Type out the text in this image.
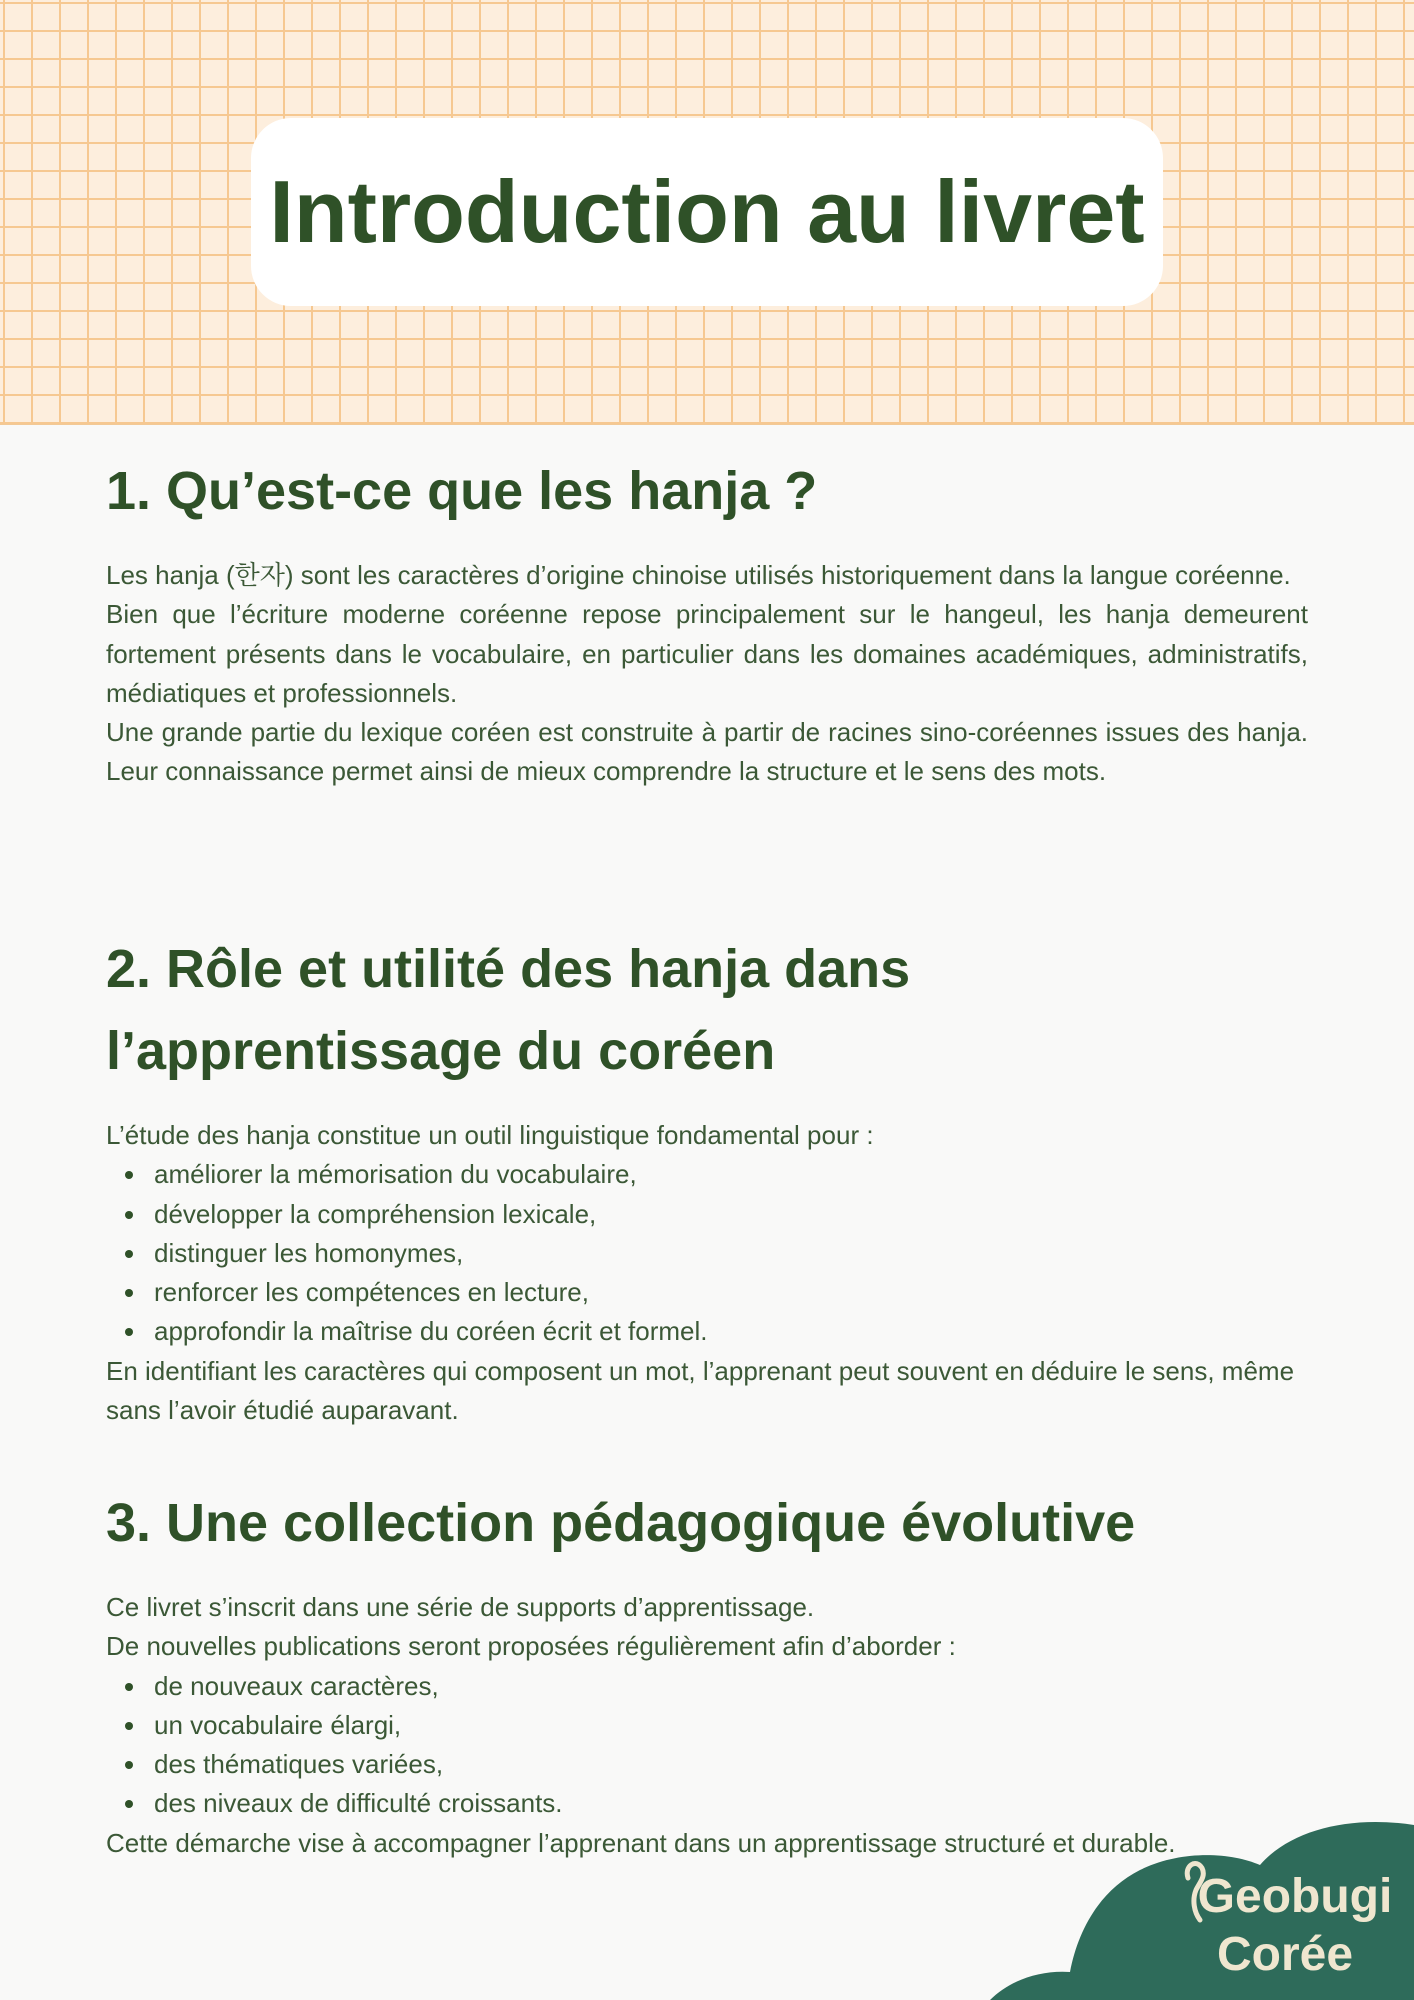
Introduction au livret
1. Qu’est-ce que les hanja ?

Les hanja (한자) sont les caractères d’origine chinoise utilisés historiquement dans la langue coréenne.

Bien que l’écriture moderne coréenne repose principalement sur le hangeul, les hanja demeurent fortement présents dans le vocabulaire, en particulier dans les domaines académiques, administratifs, médiatiques et professionnels.

Une grande partie du lexique coréen est construite à partir de racines sino-coréennes issues des hanja. Leur connaissance permet ainsi de mieux comprendre la structure et le sens des mots.

2. Rôle et utilité des hanja dans l’apprentissage du coréen

L’étude des hanja constitue un outil linguistique fondamental pour :

améliorer la mémorisation du vocabulaire,
développer la compréhension lexicale,
distinguer les homonymes,
renforcer les compétences en lecture,
approfondir la maîtrise du coréen écrit et formel.

En identifiant les caractères qui composent un mot, l’apprenant peut souvent en déduire le sens, même sans l’avoir étudié auparavant.

3. Une collection pédagogique évolutive

Ce livret s’inscrit dans une série de supports d’apprentissage.

De nouvelles publications seront proposées régulièrement afin d’aborder :

de nouveaux caractères,
un vocabulaire élargi,
des thématiques variées,
des niveaux de difficulté croissants.

Cette démarche vise à accompagner l’apprenant dans un apprentissage structuré et durable.

Geobugi
Corée
